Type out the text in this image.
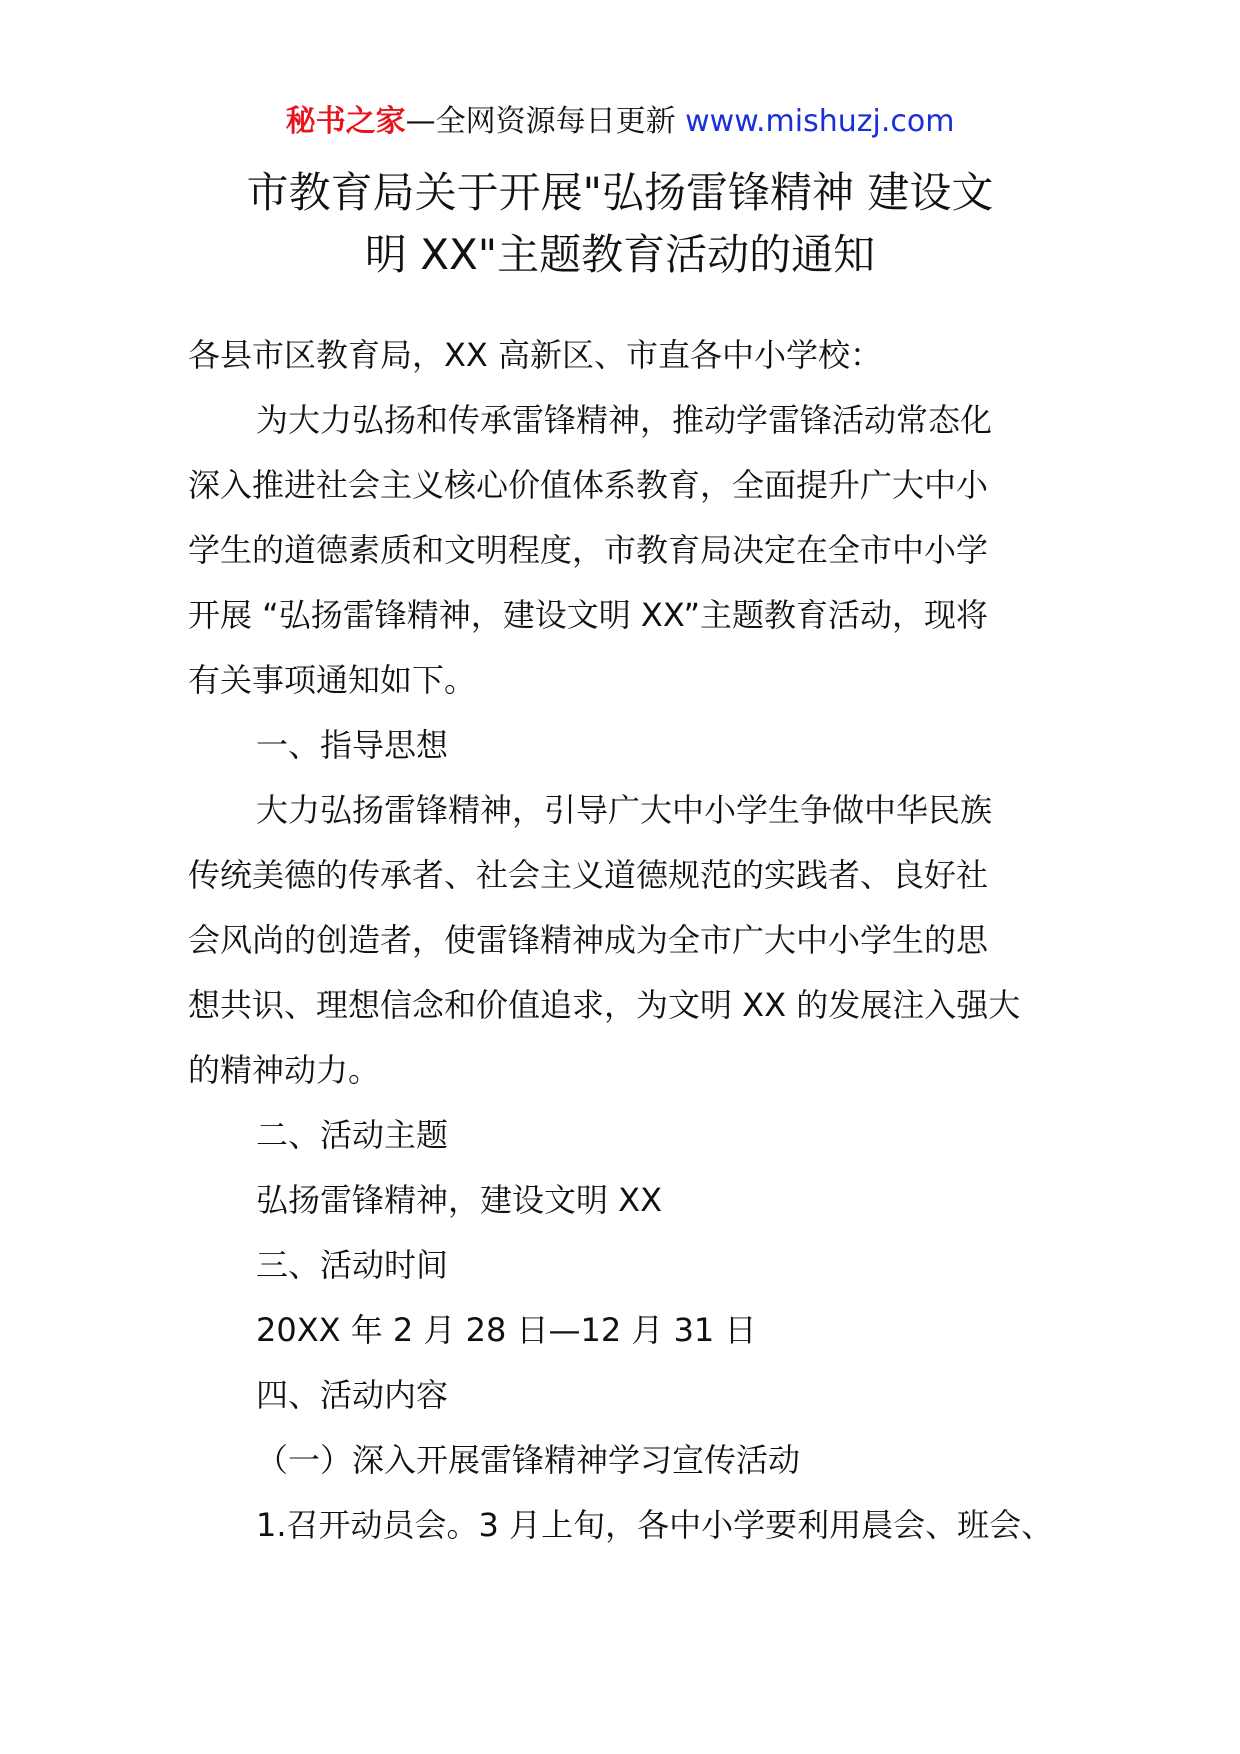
秘书之家—全网资源每日更新 www.mishuzj.com
市教育局关于开展"弘扬雷锋精神 建设文
明 XX"主题教育活动的通知

各县市区教育局，XX 高新区、市直各中小学校：

为大力弘扬和传承雷锋精神，推动学雷锋活动常态化

深入推进社会主义核心价值体系教育，全面提升广大中小

学生的道德素质和文明程度，市教育局决定在全市中小学

开展 “弘扬雷锋精神，建设文明 XX”主题教育活动，现将

有关事项通知如下。

一、指导思想

大力弘扬雷锋精神，引导广大中小学生争做中华民族

传统美德的传承者、社会主义道德规范的实践者、良好社

会风尚的创造者，使雷锋精神成为全市广大中小学生的思

想共识、理想信念和价值追求，为文明 XX 的发展注入强大

的精神动力。

二、活动主题

弘扬雷锋精神，建设文明 XX

三、活动时间

20XX 年 2 月 28 日—12 月 31 日

四、活动内容

（一）深入开展雷锋精神学习宣传活动

1.召开动员会。3 月上旬，各中小学要利用晨会、班会、
